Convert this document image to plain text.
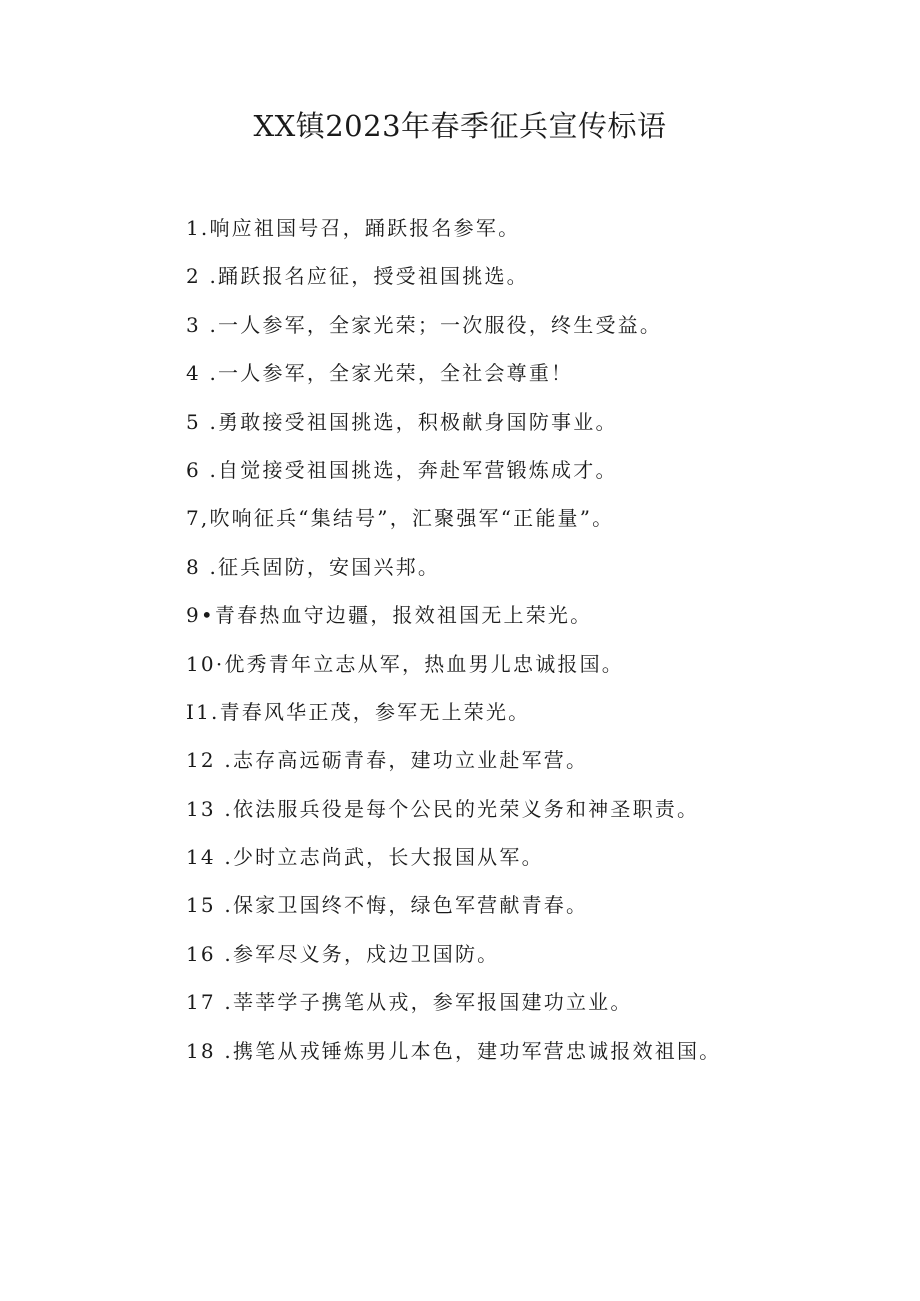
XX镇2023年春季征兵宣传标语
1.响应祖国号召，踊跃报名参军。
2 .踊跃报名应征，授受祖国挑选。
3 .一人参军，全家光荣；一次服役，终生受益。
4 .一人参军，全家光荣，全社会尊重！
5 .勇敢接受祖国挑选，积极献身国防事业。
6 .自觉接受祖国挑选，奔赴军营锻炼成才。
7,吹响征兵“集结号”，汇聚强军“正能量”。
8 .征兵固防，安国兴邦。
9•青春热血守边疆，报效祖国无上荣光。
10·优秀青年立志从军，热血男儿忠诚报国。
I1.青春风华正茂，参军无上荣光。
12 .志存高远砺青春，建功立业赴军营。
13 .依法服兵役是每个公民的光荣义务和神圣职责。
14 .少时立志尚武，长大报国从军。
15 .保家卫国终不悔，绿色军营献青春。
16 .参军尽义务，戍边卫国防。
17 .莘莘学子携笔从戎，参军报国建功立业。
18 .携笔从戎锤炼男儿本色，建功军营忠诚报效祖国。
